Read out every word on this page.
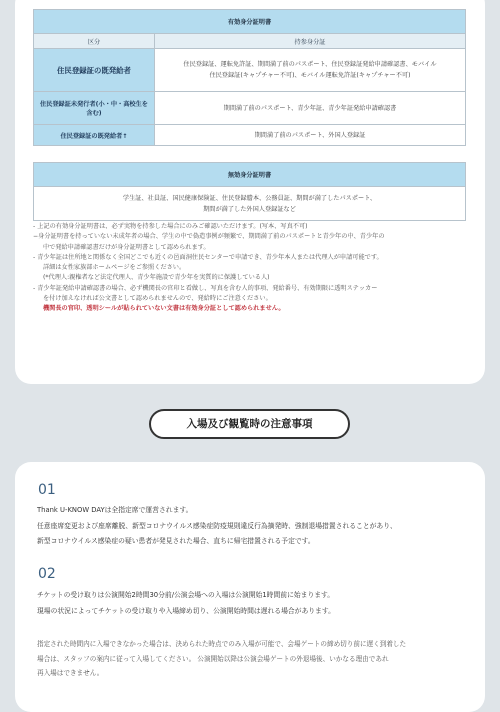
有効身分証明書	
区分	持参身分証
住民登録証の既発給者	住民登録証、運転免許証、期間満了前のパスポート、住民登録証発給申請確認書、モバイル
住民登録証(キャプチャー不可)、モバイル運転免許証(キャプチャー不可)

住民登録証未発行者(小・中・高校生を含む)	期間満了前のパスポート、青少年証、青少年証発給申請確認書

住民登録証の既発給者↑	期間満了前のパスポート、外国人登録証
無効身分証明書

学生証、社員証、国民健康保険証、住民登録謄本、公務員証、期間が満了したパスポート、
期間が満了した外国人登録証など

- 上記の有効身分証明書は、必ず実物を持参した場合にのみご確認いただけます。(写本、写真不可)

−身分証明書を持っていない未成年者の場合、学生の中で偽造事例が頻繁で、期間満了前のパスポートと青少年の中、青少年の

中で発給申請確認書だけが身分証明書として認められます。

- 青少年証は住所地と関係なく全国どこでも近くの邑面洞住民センターで申請でき、青少年本人または代理人が申請可能です。

詳細は女性家族部ホームページをご参照ください。

(*代理人:親権者など法定代理人、青少年施設で青少年を実質的に保護している人)

- 青少年証発給申請確認書の場合、必ず機関長の官印と看做し、写真を含む人的事項、発給番号、有効期限に透明ステッカー

を付け加えなければ公文書として認められませんので、発給時にご注意ください。

機関長の官印、透明シールが貼られていない文書は有効身分証として認められません。

入場及び観覧時の注意事項
01

Thank U-KNOW DAYは全指定席で運営されます。

任意座席変更および座席離脱、新型コロナウイルス感染症防疫規則違反行為摘発時、強制退場措置されることがあり、

新型コロナウイルス感染症の疑い患者が発見された場合、直ちに帰宅措置される予定です。

02

チケットの受け取りは公演開始2時間30分前/公演会場への入場は公演開始1時間前に始まります。

現場の状況によってチケットの受け取りや入場締め切り、公演開始時間は遅れる場合があります。

指定された時間内に入場できなかった場合は、決められた時点でのみ入場が可能で、会場ゲートの締め切り前に遅く到着した

場合は、スタッフの案内に従って入場してください。 公演開始以降は公演会場ゲートの外退場後、いかなる理由であれ

再入場はできません。
